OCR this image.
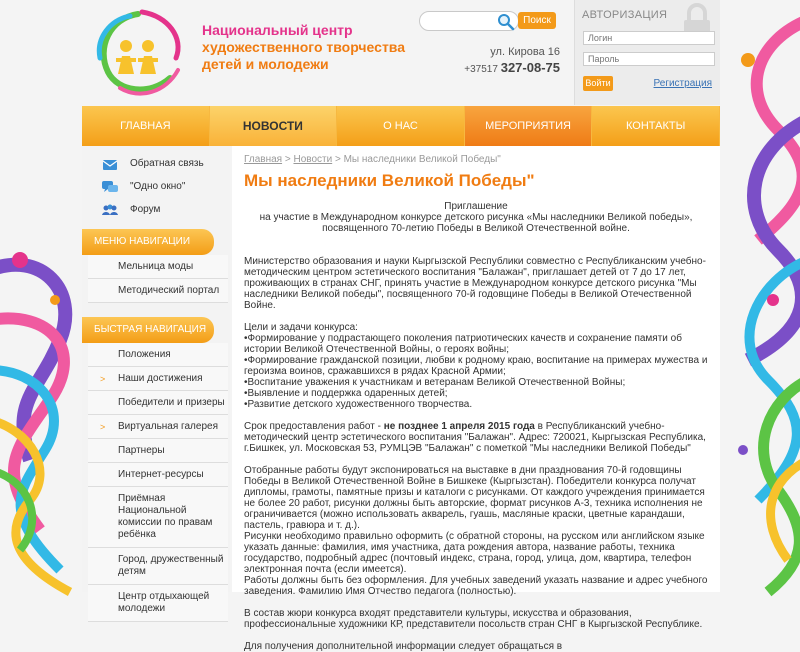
Национальный центр
художественного творчества
детей и молодежи
Поиск
ул. Кирова 16
+37517 327-08-75
АВТОРИЗАЦИЯ
Логин
Войти	Регистрация
ГЛАВНАЯ	НОВОСТИ	О НАС	МЕРОПРИЯТИЯ	КОНТАКТЫ
Обратная связь
"Одно окно"
Форум
МЕНЮ НАВИГАЦИИ
Мельница моды
Методический портал
БЫСТРАЯ НАВИГАЦИЯ
Положения
>	Наши достижения
Победители и призеры
>	Виртуальная галерея
Партнеры
Интернет-ресурсы
Приёмная Национальной комиссии по правам ребёнка
Город, дружественный детям
Центр отдыхающей молодежи
Главная > Новости > Мы наследники Великой Победы"
Мы наследники Великой Победы"
Приглашение
на участие в Международном конкурсе детского рисунка «Мы наследники Великой победы», посвященного 70-летию Победы в Великой Отечественной войне.
Министерство образования и науки Кыргызской Республики совместно с Республиканским учебно-методическим центром эстетического воспитания "Балажан", приглашает детей от 7 до 17 лет, проживающих в странах СНГ, принять участие в Международном конкурсе детского рисунка "Мы наследники Великой победы", посвященного 70-й годовщине Победы в Великой Отечественной Войне.
Цели и задачи конкурса:
•Формирование у подрастающего поколения патриотических качеств и сохранение памяти об истории Великой Отечественной Войны, о героях войны;
•Формирование гражданской позиции, любви к родному краю, воспитание на примерах мужества и героизма воинов, сражавшихся в рядах Красной Армии;
•Воспитание уважения к участникам и ветеранам Великой Отечественной Войны;
•Выявление и поддержка одаренных детей;
•Развитие детского художественного творчества.
Срок предоставления работ - не позднее 1 апреля 2015 года в Республиканский учебно-методический центр эстетического воспитания "Балажан". Адрес: 720021, Кыргызская Республика, г.Бишкек, ул. Московская 53, РУМЦЭВ "Балажан" с пометкой "Мы наследники Великой Победы"
Отобранные работы будут экспонироваться на выставке в дни празднования 70-й годовщины Победы в Великой Отечественной Войне в Бишкеке (Кыргызстан). Победители конкурса получат дипломы, грамоты, памятные призы и каталоги с рисунками. От каждого учреждения принимается не более 20 работ, рисунки должны быть авторские, формат рисунков А-3, техника исполнения не ограничивается (можно использовать акварель, гуашь, масляные краски, цветные карандаши, пастель, гравюра и т. д.).
Рисунки необходимо правильно оформить (с обратной стороны, на русском или английском языке указать данные: фамилия, имя участника, дата рождения автора, название работы, техника государство, подробный адрес (почтовый индекс, страна, город, улица, дом, квартира, телефон электронная почта (если имеется).
Работы должны быть без оформления. Для учебных заведений указать название и адрес учебного заведения. Фамилию Имя Отчество педагога (полностью).
В состав жюри конкурса входят представители культуры, искусства и образования, профессиональные художники КР, представители посольств стран СНГ в Кыргызской Республике.
Для получения дополнительной информации следует обращаться в
